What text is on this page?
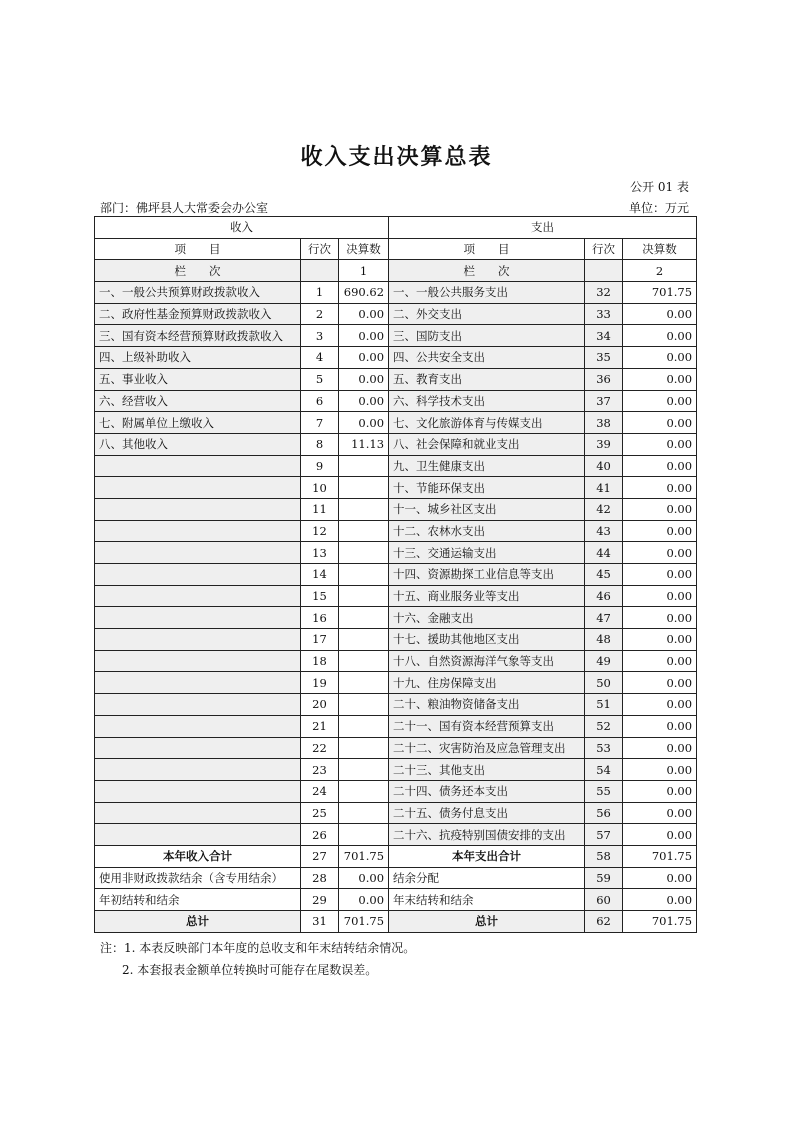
收入支出决算总表
公开 01 表
部门：佛坪县人大常委会办公室	单位：万元
收入			支出		
项　　目	行次	决算数	项　　目	行次	决算数
栏　　次		1	栏　　次		2
一、一般公共预算财政拨款收入	1	690.62	一、一般公共服务支出	32	701.75
二、政府性基金预算财政拨款收入	2	0.00	二、外交支出	33	0.00
三、国有资本经营预算财政拨款收入	3	0.00	三、国防支出	34	0.00
四、上级补助收入	4	0.00	四、公共安全支出	35	0.00
五、事业收入	5	0.00	五、教育支出	36	0.00
六、经营收入	6	0.00	六、科学技术支出	37	0.00
七、附属单位上缴收入	7	0.00	七、文化旅游体育与传媒支出	38	0.00
八、其他收入	8	11.13	八、社会保障和就业支出	39	0.00
	9		九、卫生健康支出	40	0.00
	10		十、节能环保支出	41	0.00
	11		十一、城乡社区支出	42	0.00
	12		十二、农林水支出	43	0.00
	13		十三、交通运输支出	44	0.00
	14		十四、资源勘探工业信息等支出	45	0.00
	15		十五、商业服务业等支出	46	0.00
	16		十六、金融支出	47	0.00
	17		十七、援助其他地区支出	48	0.00
	18		十八、自然资源海洋气象等支出	49	0.00
	19		十九、住房保障支出	50	0.00
	20		二十、粮油物资储备支出	51	0.00
	21		二十一、国有资本经营预算支出	52	0.00
	22		二十二、灾害防治及应急管理支出	53	0.00
	23		二十三、其他支出	54	0.00
	24		二十四、债务还本支出	55	0.00
	25		二十五、债务付息支出	56	0.00
	26		二十六、抗疫特别国债安排的支出	57	0.00
本年收入合计	27	701.75	本年支出合计	58	701.75
使用非财政拨款结余（含专用结余）	28	0.00	结余分配	59	0.00
年初结转和结余	29	0.00	年末结转和结余	60	0.00
总计	31	701.75	总计	62	701.75
注：1. 本表反映部门本年度的总收支和年末结转结余情况。
2. 本套报表金额单位转换时可能存在尾数误差。
